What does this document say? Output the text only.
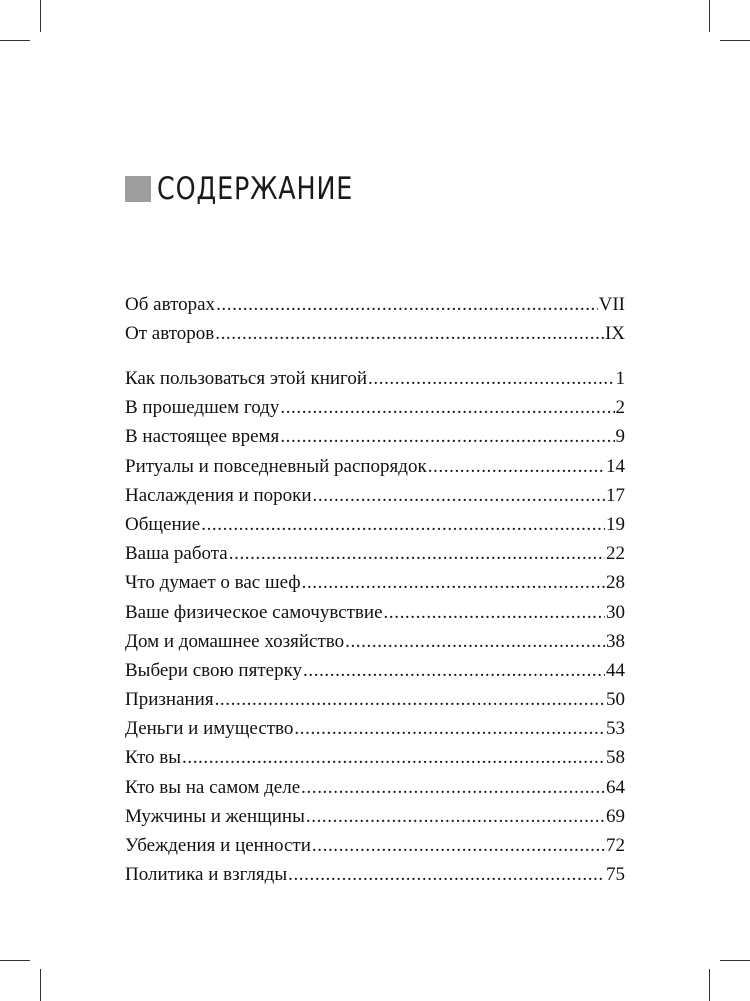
СОДЕРЖАНИЕ
Об авторах .....	VII
От авторов .....	IX
Как пользоваться этой книгой .....	1
В прошедшем году .....	2
В настоящее время .....	9
Ритуалы и повседневный распорядок .....	14
Наслаждения и пороки .....	17
Общение .....	19
Ваша работа .....	22
Что думает о вас шеф .....	28
Ваше физическое самочувствие .....	30
Дом и домашнее хозяйство .....	38
Выбери свою пятерку .....	44
Признания .....	50
Деньги и имущество .....	53
Кто вы .....	58
Кто вы на самом деле .....	64
Мужчины и женщины .....	69
Убеждения и ценности .....	72
Политика и взгляды .....	75
